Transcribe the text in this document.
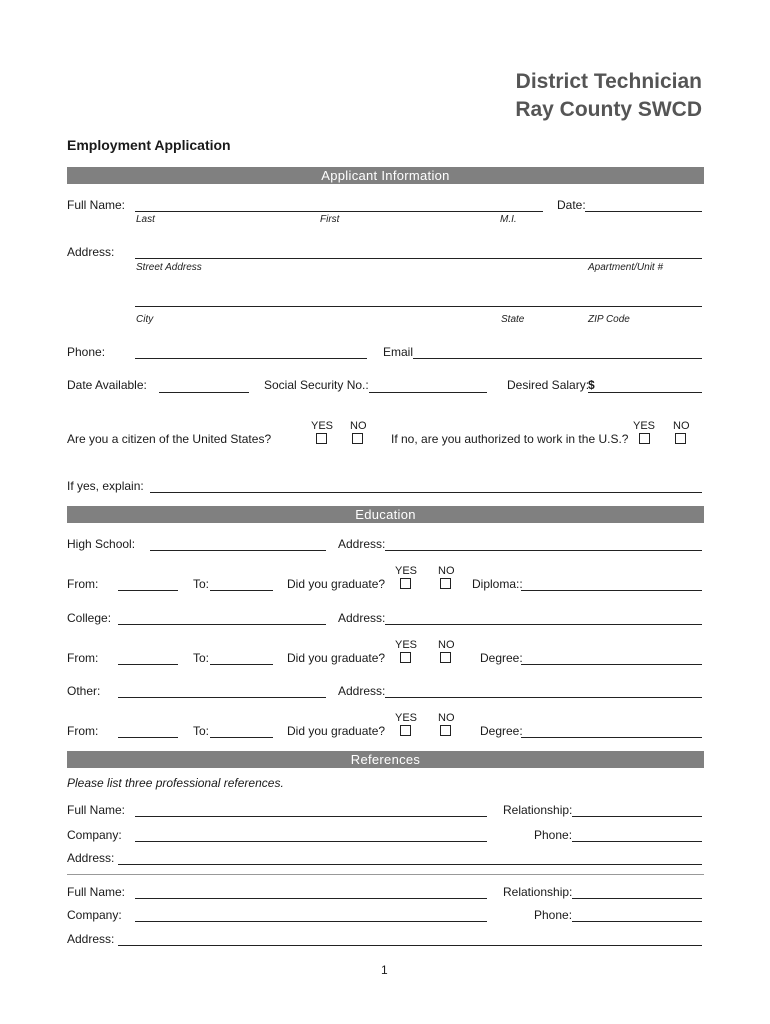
District Technician
Ray County SWCD
Employment Application
Applicant Information
Full Name:
Last	First	M.I.
Date:
Address:
Street Address	Apartment/Unit #
City	State	ZIP Code
Phone:	Email
Date Available:	Social Security No.:	Desired Salary:
$
YES NO
Are you a citizen of the United States?
YES NO
If no, are you authorized to work in the U.S.?
If yes, explain:
Education
High School:	Address:
YES NO
From:	To:	Did you graduate?	Diploma::
College:	Address:
YES NO
From:	To:	Did you graduate?	Degree:
Other:	Address:
YES NO
From:	To:	Did you graduate?	Degree:
References
Please list three professional references.
Full Name:	Relationship:
Company:	Phone:
Address:
Full Name:	Relationship:
Company:	Phone:
Address:
1
